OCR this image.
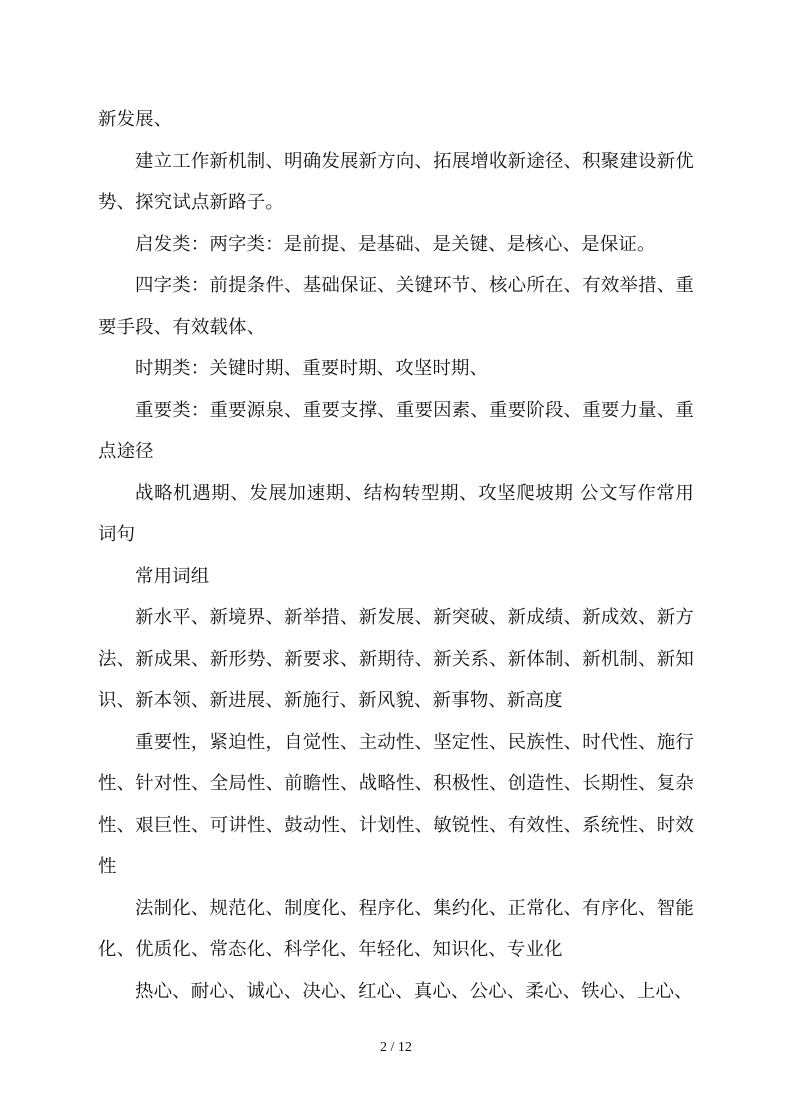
新发展、

建立工作新机制、明确发展新方向、拓展增收新途径、积聚建设新优势、探究试点新路子。

启发类：两字类：是前提、是基础、是关键、是核心、是保证。

四字类：前提条件、基础保证、关键环节、核心所在、有效举措、重要手段、有效载体、

时期类：关键时期、重要时期、攻坚时期、

重要类：重要源泉、重要支撑、重要因素、重要阶段、重要力量、重点途径

战略机遇期、发展加速期、结构转型期、攻坚爬坡期 公文写作常用词句

常用词组

新水平、新境界、新举措、新发展、新突破、新成绩、新成效、新方法、新成果、新形势、新要求、新期待、新关系、新体制、新机制、新知识、新本领、新进展、新施行、新风貌、新事物、新高度

重要性，紧迫性，自觉性、主动性、坚定性、民族性、时代性、施行性、针对性、全局性、前瞻性、战略性、积极性、创造性、长期性、复杂性、艰巨性、可讲性、鼓动性、计划性、敏锐性、有效性、系统性、时效性

法制化、规范化、制度化、程序化、集约化、正常化、有序化、智能化、优质化、常态化、科学化、年轻化、知识化、专业化

热心、耐心、诚心、决心、红心、真心、公心、柔心、铁心、上心、

2 / 12
